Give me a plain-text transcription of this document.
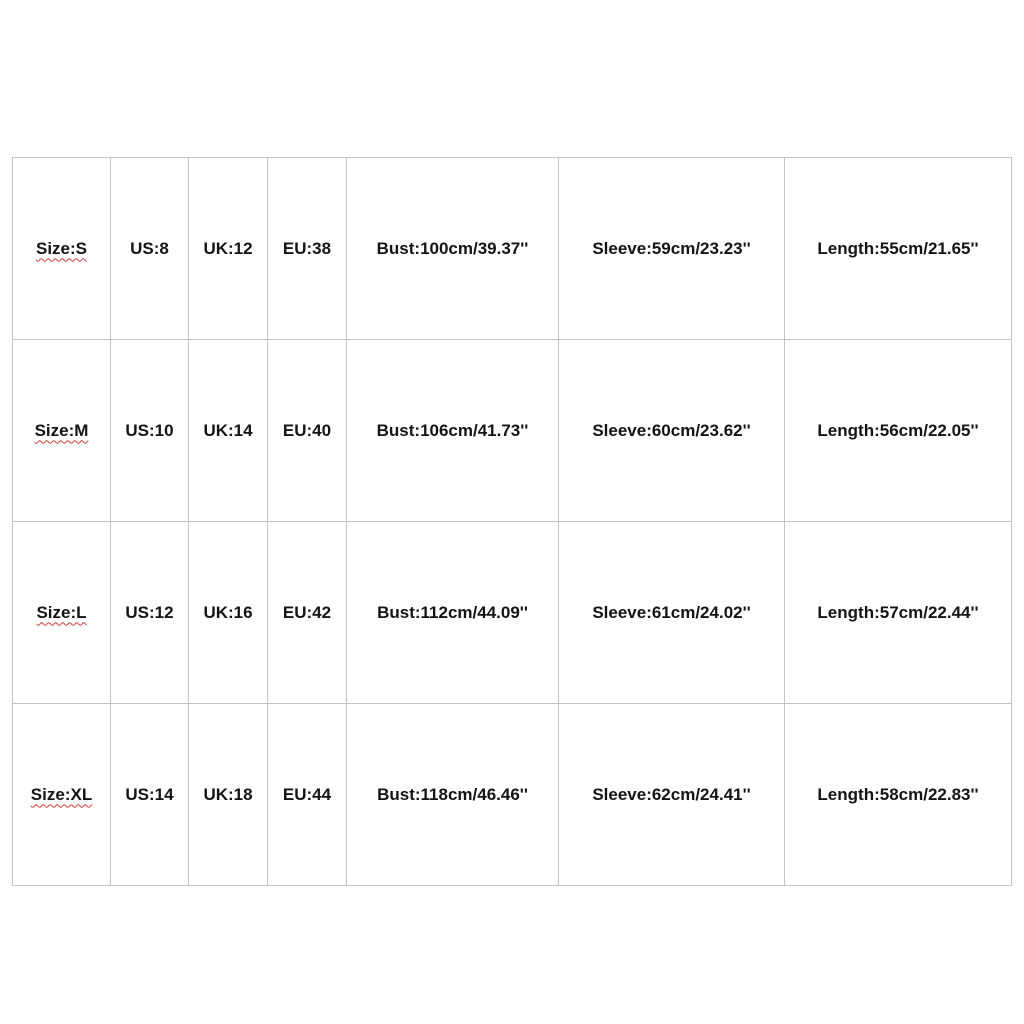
Size:S	US:8	UK:12	EU:38	Bust:100cm/39.37''	Sleeve:59cm/23.23''	Length:55cm/21.65''
Size:M	US:10	UK:14	EU:40	Bust:106cm/41.73''	Sleeve:60cm/23.62''	Length:56cm/22.05''
Size:L	US:12	UK:16	EU:42	Bust:112cm/44.09''	Sleeve:61cm/24.02''	Length:57cm/22.44''
Size:XL	US:14	UK:18	EU:44	Bust:118cm/46.46''	Sleeve:62cm/24.41''	Length:58cm/22.83''
